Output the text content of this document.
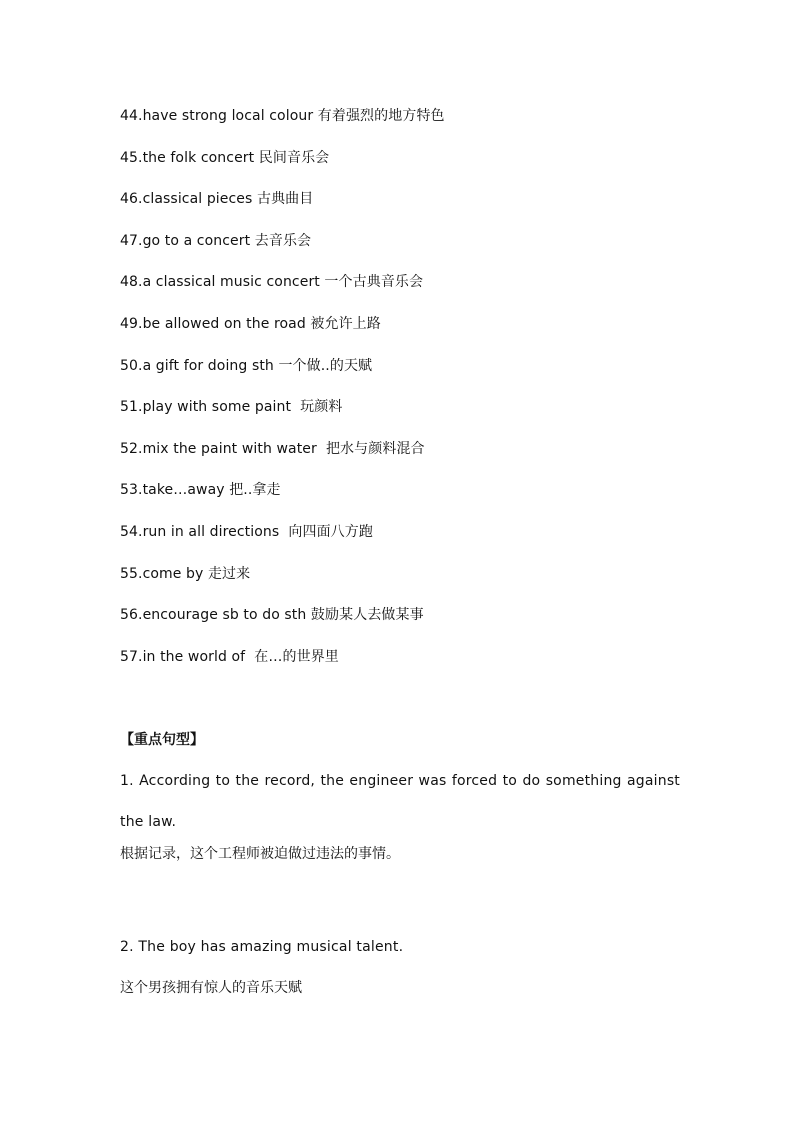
44.have strong local colour 有着强烈的地方特色
45.the folk concert 民间音乐会
46.classical pieces 古典曲目
47.go to a concert 去音乐会
48.a classical music concert 一个古典音乐会
49.be allowed on the road 被允许上路
50.a gift for doing sth 一个做..的天赋
51.play with some paint  玩颜料
52.mix the paint with water  把水与颜料混合
53.take…away 把..拿走
54.run in all directions  向四面八方跑
55.come by 走过来
56.encourage sb to do sth 鼓励某人去做某事
57.in the world of  在…的世界里
【重点句型】
1. According to the record, the engineer was forced to do something against the law.
根据记录，这个工程师被迫做过违法的事情。
2. The boy has amazing musical talent.
这个男孩拥有惊人的音乐天赋
